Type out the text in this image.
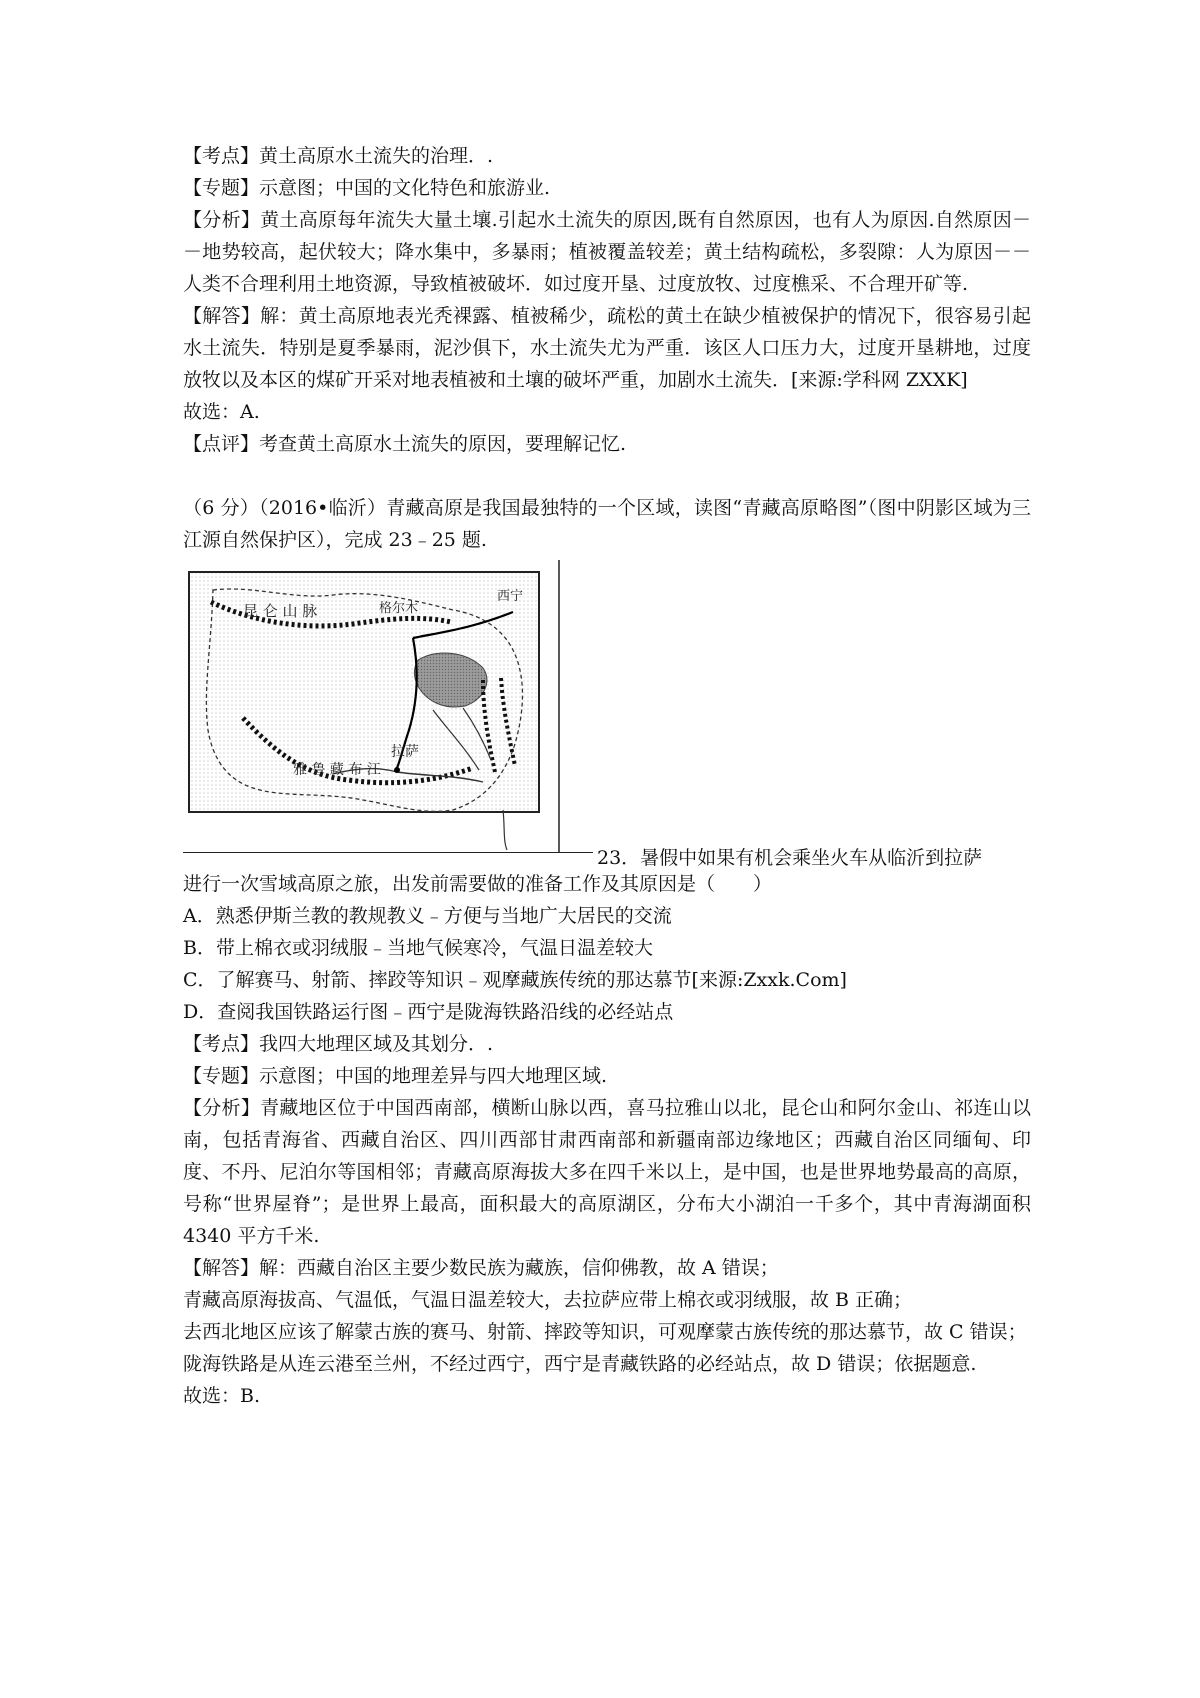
【考点】黄土高原水土流失的治理．.

【专题】示意图；中国的文化特色和旅游业.

【分析】黄土高原每年流失大量土壤.引起水土流失的原因,既有自然原因，也有人为原因.自然原因－－地势较高，起伏较大；降水集中，多暴雨；植被覆盖较差；黄土结构疏松，多裂隙：人为原因－－人类不合理利用土地资源，导致植被破坏．如过度开垦、过度放牧、过度樵采、不合理开矿等.

【解答】解：黄土高原地表光秃裸露、植被稀少，疏松的黄土在缺少植被保护的情况下，很容易引起水土流失．特别是夏季暴雨，泥沙俱下，水土流失尤为严重．该区人口压力大，过度开垦耕地，过度放牧以及本区的煤矿开采对地表植被和土壤的破坏严重，加剧水土流失．[来源:学科网 ZXXK]

故选：A.

【点评】考查黄土高原水土流失的原因，要理解记忆.

（6 分）（2016•临沂）青藏高原是我国最独特的一个区域，读图“青藏高原略图”（图中阴影区域为三江源自然保护区），完成 23﹣25 题.

昆 仑 山 脉	格尔木
西宁
拉萨
雅 鲁 藏 布 江
23．暑假中如果有机会乘坐火车从临沂到拉萨

进行一次雪域高原之旅，出发前需要做的准备工作及其原因是（　　）

A．熟悉伊斯兰教的教规教义﹣方便与当地广大居民的交流

B．带上棉衣或羽绒服﹣当地气候寒冷，气温日温差较大

C．了解赛马、射箭、摔跤等知识﹣观摩藏族传统的那达慕节[来源:Zxxk.Com]

D．查阅我国铁路运行图﹣西宁是陇海铁路沿线的必经站点

【考点】我四大地理区域及其划分．.

【专题】示意图；中国的地理差异与四大地理区域.

【分析】青藏地区位于中国西南部，横断山脉以西，喜马拉雅山以北，昆仑山和阿尔金山、祁连山以南，包括青海省、西藏自治区、四川西部甘肃西南部和新疆南部边缘地区；西藏自治区同缅甸、印度、不丹、尼泊尔等国相邻；青藏高原海拔大多在四千米以上，是中国，也是世界地势最高的高原，号称“世界屋脊”；是世界上最高，面积最大的高原湖区，分布大小湖泊一千多个，其中青海湖面积 4340 平方千米.

【解答】解：西藏自治区主要少数民族为藏族，信仰佛教，故 A 错误；

青藏高原海拔高、气温低，气温日温差较大，去拉萨应带上棉衣或羽绒服，故 B 正确；

去西北地区应该了解蒙古族的赛马、射箭、摔跤等知识，可观摩蒙古族传统的那达慕节，故 C 错误；

陇海铁路是从连云港至兰州，不经过西宁，西宁是青藏铁路的必经站点，故 D 错误；依据题意.

故选：B.
